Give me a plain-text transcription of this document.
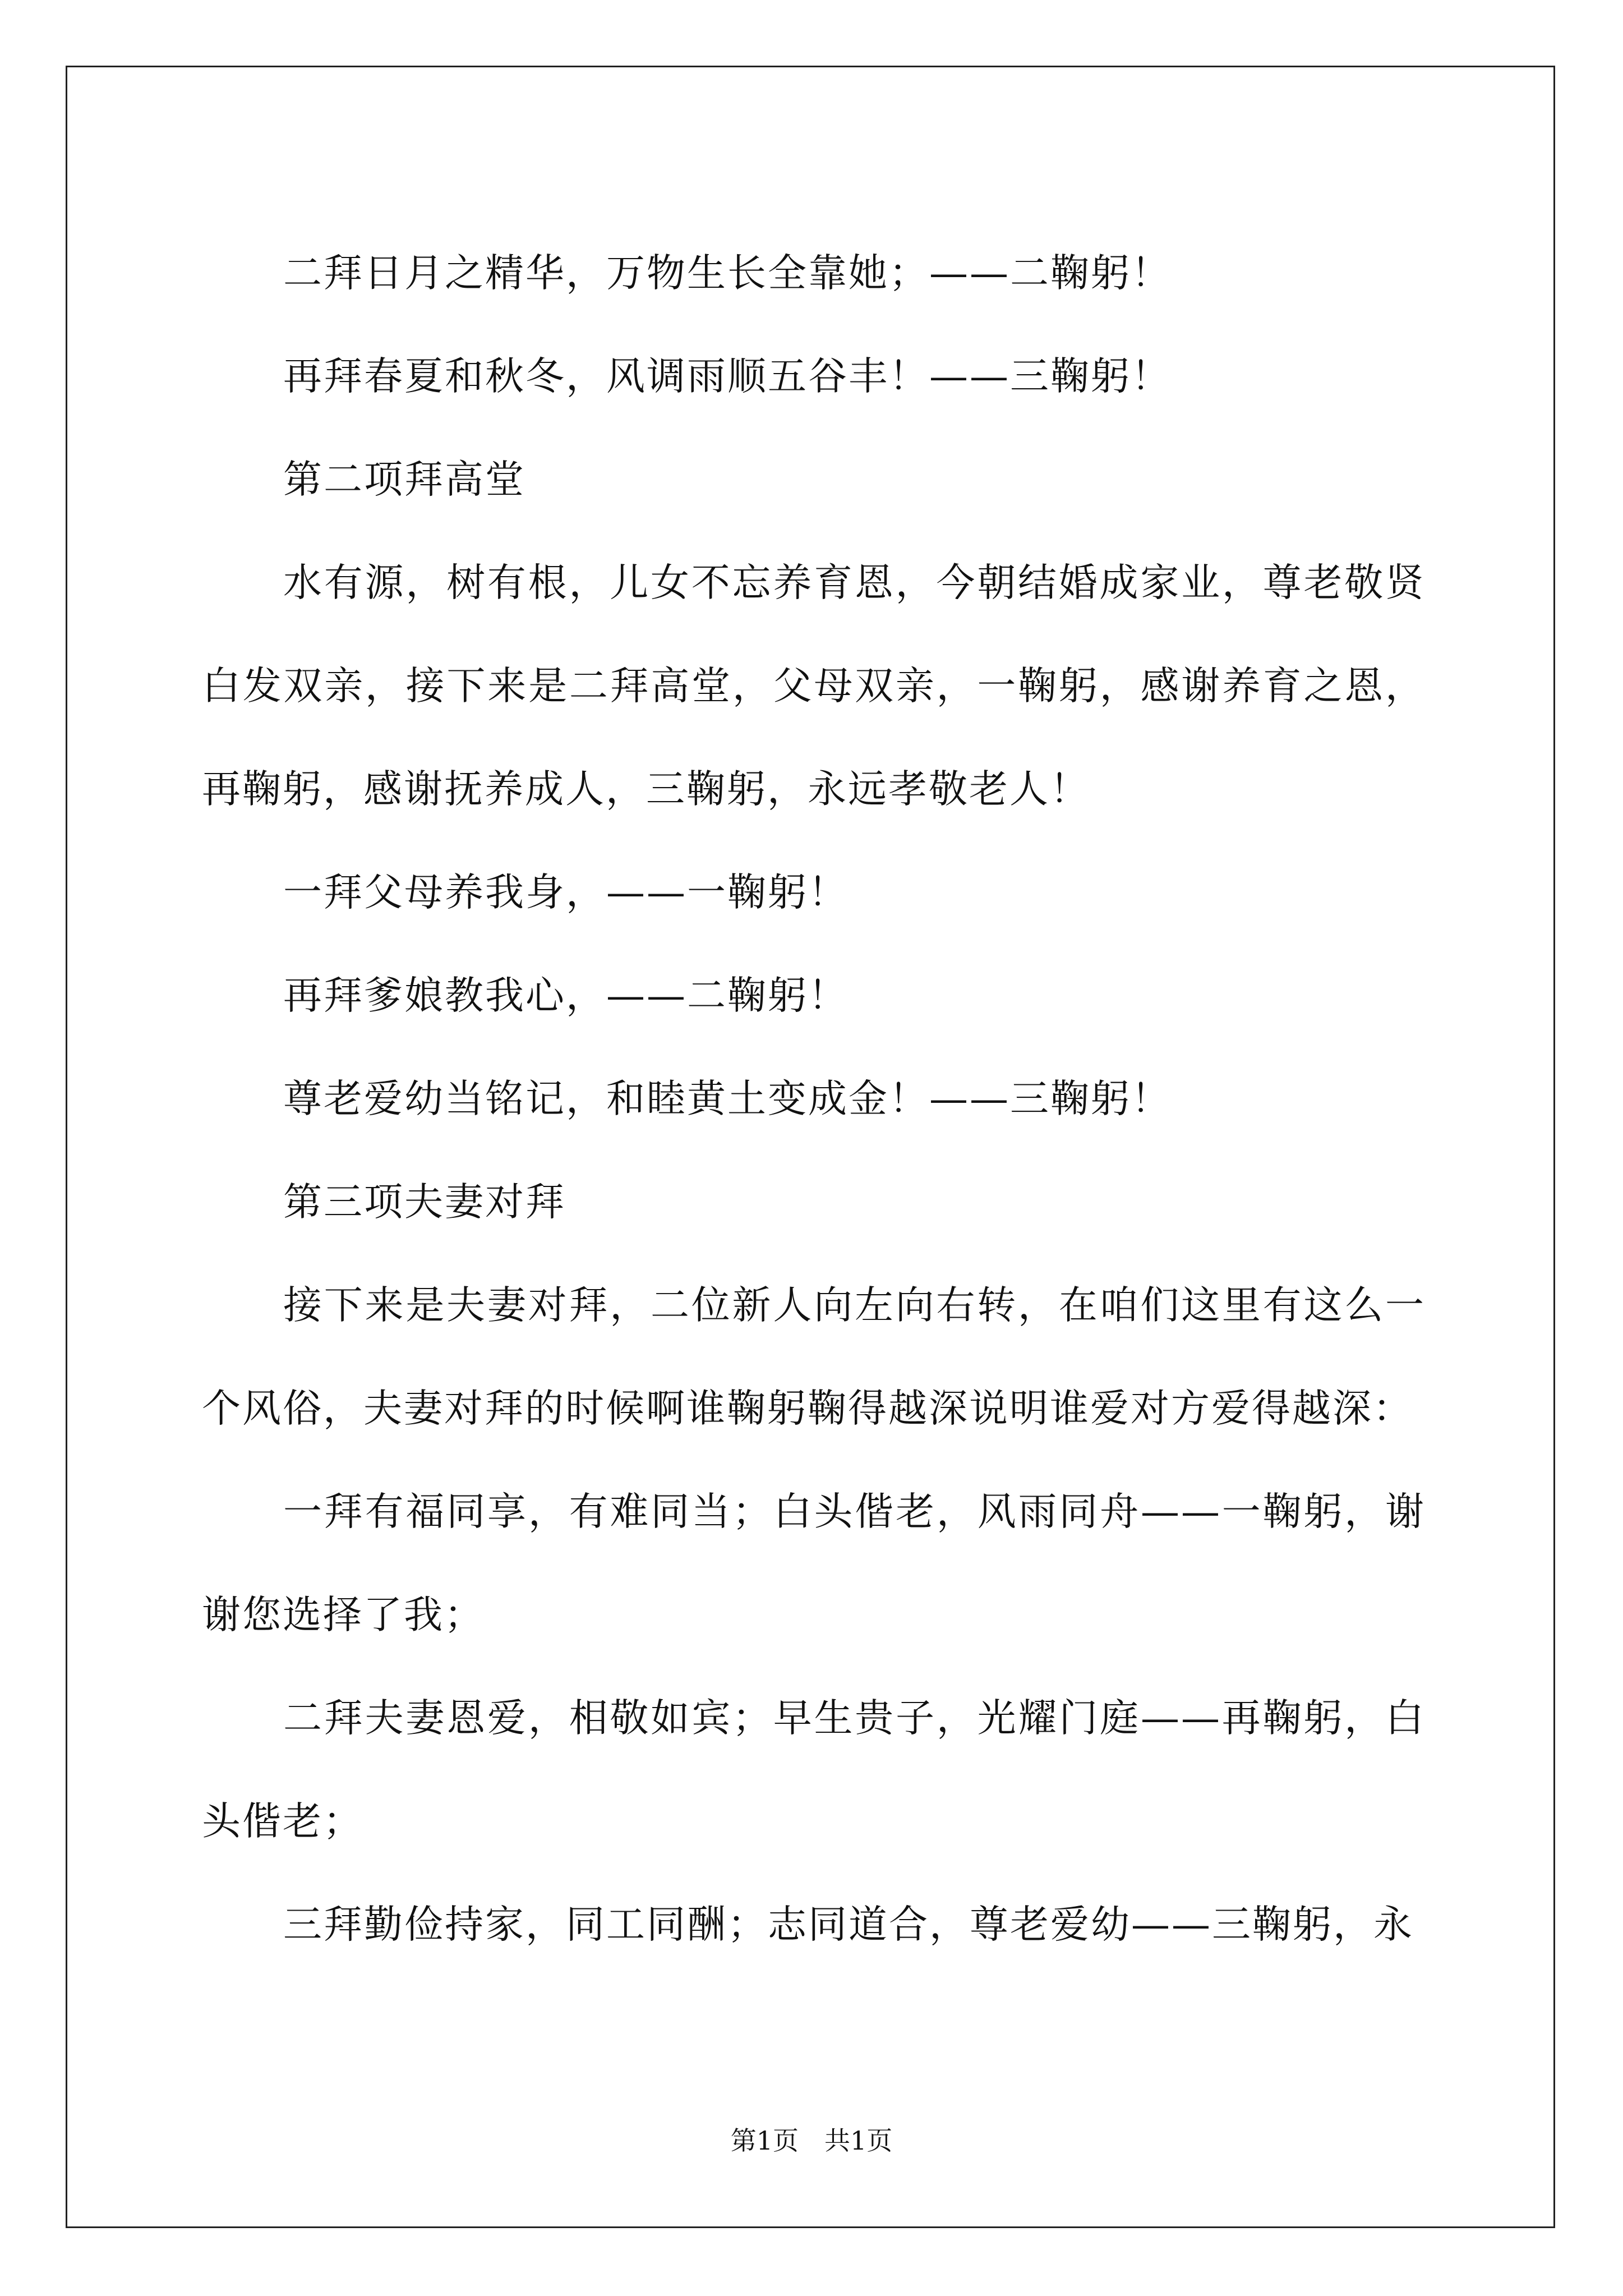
二拜日月之精华，万物生长全靠她；——二鞠躬！

再拜春夏和秋冬，风调雨顺五谷丰！——三鞠躬！

第二项拜高堂

水有源，树有根，儿女不忘养育恩，今朝结婚成家业，尊老敬贤白发双亲，接下来是二拜高堂，父母双亲，一鞠躬，感谢养育之恩，再鞠躬，感谢抚养成人，三鞠躬，永远孝敬老人！

一拜父母养我身，——一鞠躬！

再拜爹娘教我心，——二鞠躬！

尊老爱幼当铭记，和睦黄土变成金！——三鞠躬！

第三项夫妻对拜

接下来是夫妻对拜，二位新人向左向右转，在咱们这里有这么一个风俗，夫妻对拜的时候啊谁鞠躬鞠得越深说明谁爱对方爱得越深：

一拜有福同享，有难同当；白头偕老，风雨同舟——一鞠躬，谢谢您选择了我；

二拜夫妻恩爱，相敬如宾；早生贵子，光耀门庭——再鞠躬，白头偕老；

三拜勤俭持家，同工同酬；志同道合，尊老爱幼——三鞠躬，永

第1页　共1页
